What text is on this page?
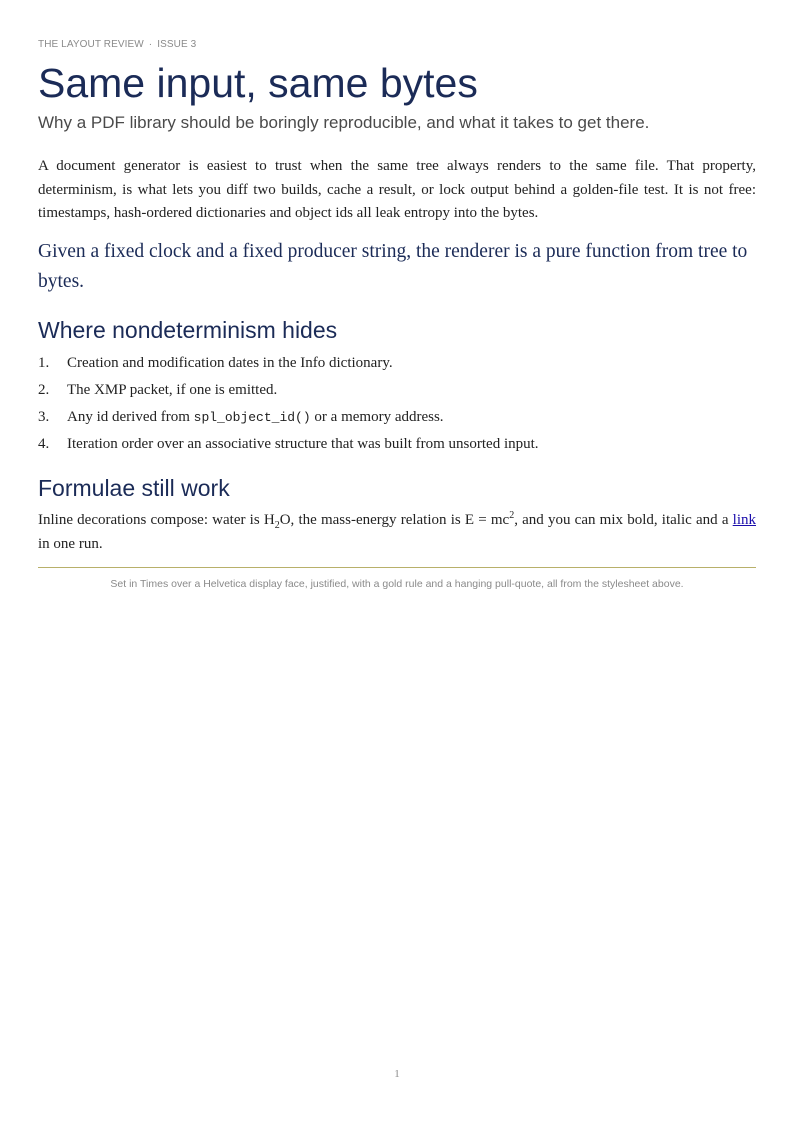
THE LAYOUT REVIEW · ISSUE 3
Same input, same bytes

Why a PDF library should be boringly reproducible, and what it takes to get there.

A document generator is easiest to trust when the same tree always renders to the same file. That property, determinism, is what lets you diff two builds, cache a result, or lock output behind a golden-file test. It is not free: timestamps, hash-ordered dictionaries and object ids all leak entropy into the bytes.

Given a fixed clock and a fixed producer string, the renderer is a pure function from tree to bytes.

Where nondeterminism hides
1. Creation and modification dates in the Info dictionary.
2. The XMP packet, if one is emitted.
3. Any id derived from spl_object_id() or a memory address.
4. Iteration order over an associative structure that was built from unsorted input.
Formulae still work

Inline decorations compose: water is $H_2O$, the mass-energy relation is $E = mc^2$, and you can mix bold, italic and a link in one run.

Set in Times over a Helvetica display face, justified, with a gold rule and a hanging pull-quote, all from the stylesheet above.

1
